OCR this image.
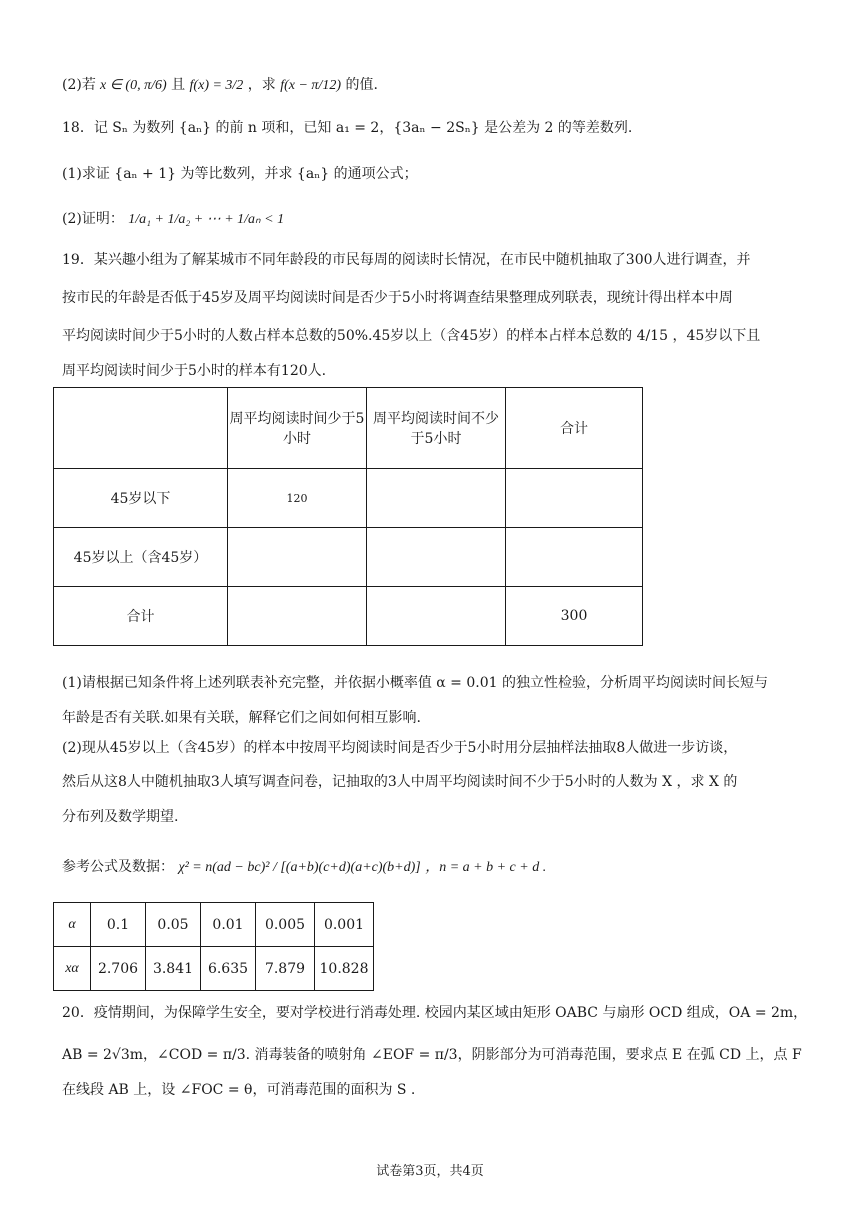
(2)若 x ∈ (0, π/6) 且 f(x) = 3/2 ，求 f(x − π/12) 的值.
18．记 Sₙ 为数列 {aₙ} 的前 n 项和，已知 a₁ = 2，{3aₙ − 2Sₙ} 是公差为 2 的等差数列.
(1)求证 {aₙ + 1} 为等比数列，并求 {aₙ} 的通项公式；
(2)证明： 1/a₁ + 1/a₂ + ⋯ + 1/aₙ < 1
19．某兴趣小组为了解某城市不同年龄段的市民每周的阅读时长情况，在市民中随机抽取了300人进行调查，并
按市民的年龄是否低于45岁及周平均阅读时间是否少于5小时将调查结果整理成列联表，现统计得出样本中周
平均阅读时间少于5小时的人数占样本总数的50%.45岁以上（含45岁）的样本占样本总数的 4/15 ，45岁以下且
周平均阅读时间少于5小时的样本有120人.
	周平均阅读时间少于5小时	周平均阅读时间不少于5小时	合计
45岁以下	120		
45岁以上（含45岁）			
合计			300
(1)请根据已知条件将上述列联表补充完整，并依据小概率值 α = 0.01 的独立性检验，分析周平均阅读时间长短与
年龄是否有关联.如果有关联，解释它们之间如何相互影响.
(2)现从45岁以上（含45岁）的样本中按周平均阅读时间是否少于5小时用分层抽样法抽取8人做进一步访谈，
然后从这8人中随机抽取3人填写调查问卷，记抽取的3人中周平均阅读时间不少于5小时的人数为 X ，求 X 的
分布列及数学期望.
参考公式及数据： χ² = n(ad − bc)² / [(a+b)(c+d)(a+c)(b+d)] ，n = a + b + c + d .
α	0.1	0.05	0.01	0.005	0.001
xα	2.706	3.841	6.635	7.879	10.828
20．疫情期间，为保障学生安全，要对学校进行消毒处理. 校园内某区域由矩形 OABC 与扇形 OCD 组成，OA = 2m，
AB = 2√3m，∠COD = π/3. 消毒装备的喷射角 ∠EOF = π/3，阴影部分为可消毒范围，要求点 E 在弧 CD 上，点 F
在线段 AB 上，设 ∠FOC = θ，可消毒范围的面积为 S .
试卷第3页，共4页
